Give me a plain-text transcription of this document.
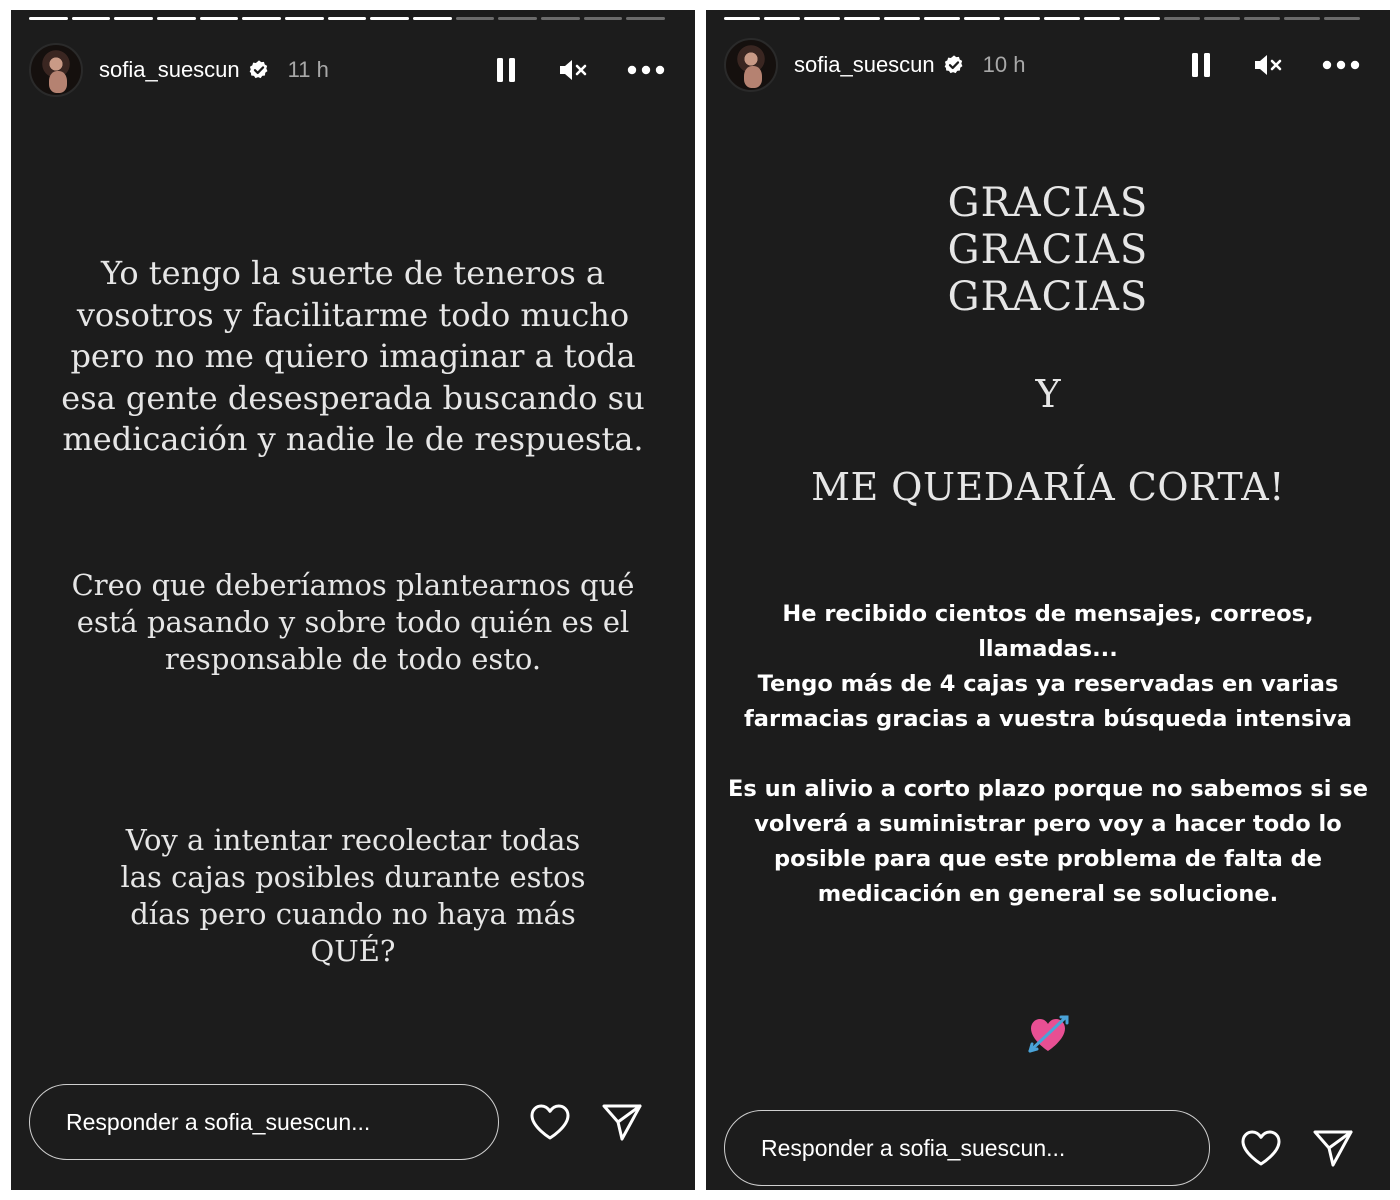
sofia_suescun 11 h
Yo tengo la suerte de teneros a vosotros y facilitarme todo mucho pero no me quiero imaginar a toda esa gente desesperada buscando su medicación y nadie le de respuesta.
Creo que deberíamos plantearnos qué está pasando y sobre todo quién es el responsable de todo esto.
Voy a intentar recolectar todas las cajas posibles durante estos días pero cuando no haya más QUÉ?
Responder a sofia_suescun...
sofia_suescun 10 h
GRACIAS
GRACIAS
GRACIAS
Y
ME QUEDARÍA CORTA!
He recibido cientos de mensajes, correos, llamadas...
Tengo más de 4 cajas ya reservadas en varias farmacias gracias a vuestra búsqueda intensiva
Es un alivio a corto plazo porque no sabemos si se volverá a suministrar pero voy a hacer todo lo posible para que este problema de falta de medicación en general se solucione.
Responder a sofia_suescun...
